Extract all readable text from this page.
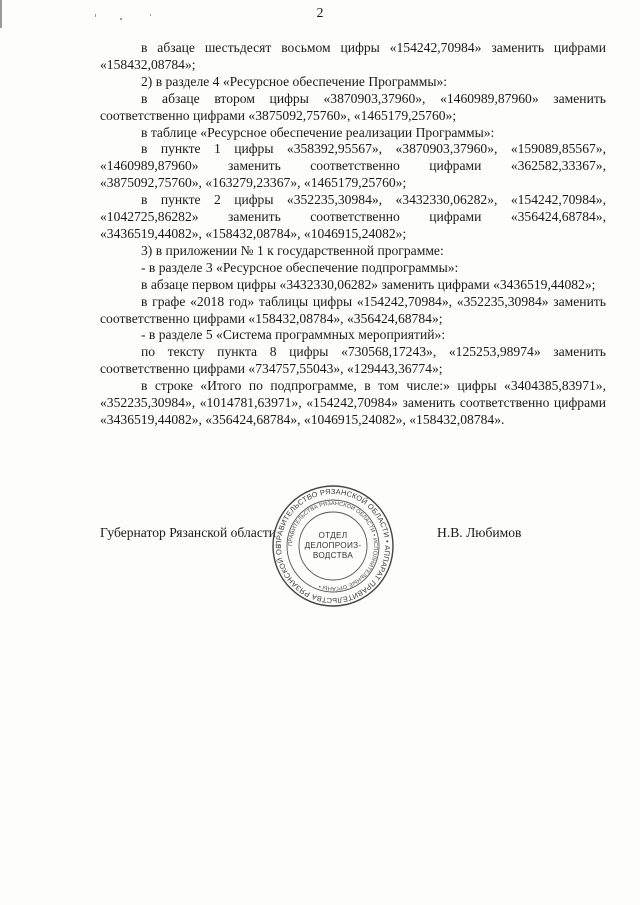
2

в абзаце шестьдесят восьмом цифры «154242,70984» заменить цифрами «158432,08784»;

2) в разделе 4 «Ресурсное обеспечение Программы»:

в абзаце втором цифры «3870903,37960», «1460989,87960» заменить соответственно цифрами «3875092,75760», «1465179,25760»;

в таблице «Ресурсное обеспечение реализации Программы»:

в пункте 1 цифры «358392,95567», «3870903,37960», «159089,85567», «1460989,87960» заменить соответственно цифрами «362582,33367», «3875092,75760», «163279,23367», «1465179,25760»;

в пункте 2 цифры «352235,30984», «3432330,06282», «154242,70984», «1042725,86282» заменить соответственно цифрами «356424,68784», «3436519,44082», «158432,08784», «1046915,24082»;

3) в приложении № 1 к государственной программе:

- в разделе 3 «Ресурсное обеспечение подпрограммы»:

в абзаце первом цифры «3432330,06282» заменить цифрами «3436519,44082»;

в графе «2018 год» таблицы цифры «154242,70984», «352235,30984» заменить соответственно цифрами «158432,08784», «356424,68784»;

- в разделе 5 «Система программных мероприятий»:

по тексту пункта 8 цифры «730568,17243», «125253,98974» заменить соответственно цифрами «734757,55043», «129443,36774»;

в строке «Итого по подпрограмме, в том числе:» цифры «3404385,83971», «352235,30984», «1014781,63971», «154242,70984» заменить соответственно цифрами «3436519,44082», «356424,68784», «1046915,24082», «158432,08784».

Губернатор Рязанской области	Н.В. Любимов
ПРАВИТЕЛЬСТВО РЯЗАНСКОЙ ОБЛАСТИ • АППАРАТ ПРАВИТЕЛЬСТВА РЯЗАНСКОЙ ОБ ПРАВИТЕЛЬСТВА РЯЗАНСКОЙ ОБЛАСТИ • ИСПОЛНИТЕЛЬНЫЕ ОРГАНЫ •
ОТДЕЛ
ДЕЛОПРОИЗ-
ВОДСТВА
